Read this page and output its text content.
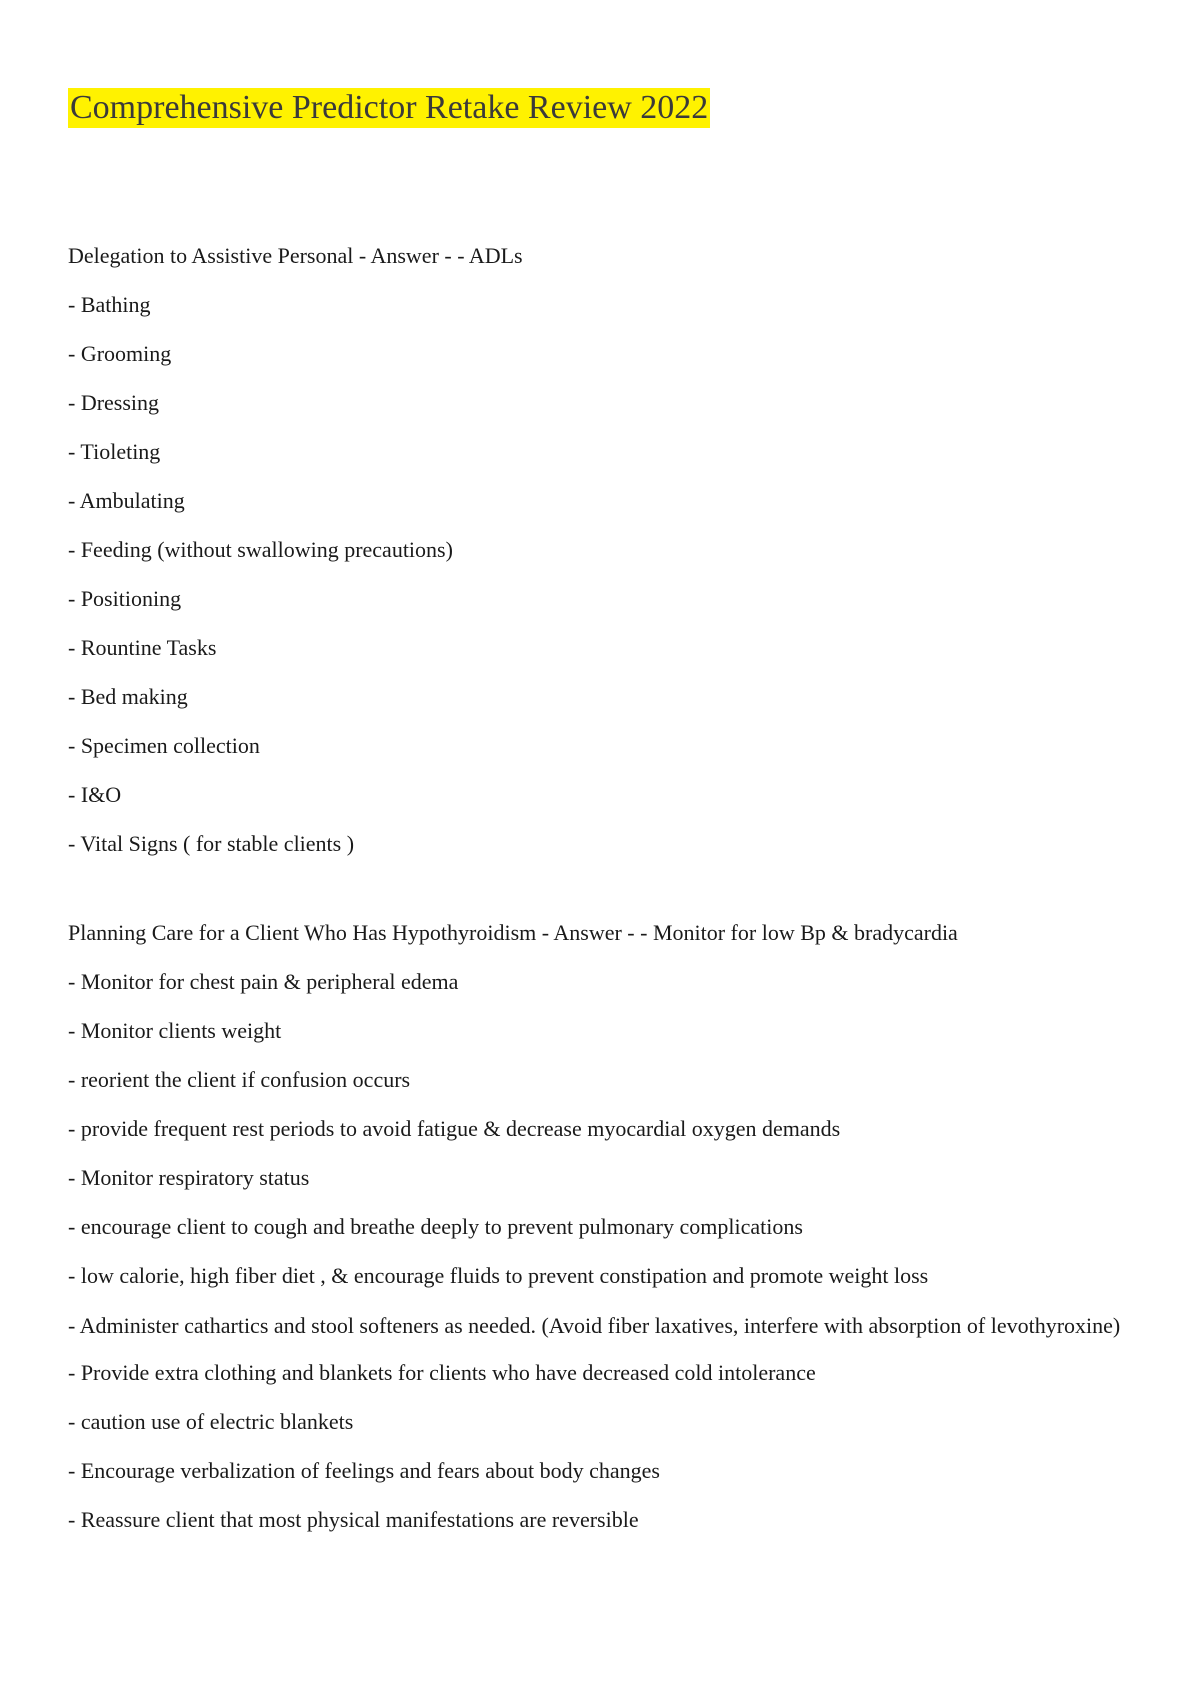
Comprehensive Predictor Retake Review 2022

Delegation to Assistive Personal - Answer - - ADLs

- Bathing

- Grooming

- Dressing

- Tioleting

- Ambulating

- Feeding (without swallowing precautions)

- Positioning

- Rountine Tasks

- Bed making

- Specimen collection

- I&O

- Vital Signs ( for stable clients )

Planning Care for a Client Who Has Hypothyroidism - Answer - - Monitor for low Bp & bradycardia

- Monitor for chest pain & peripheral edema

- Monitor clients weight

- reorient the client if confusion occurs

- provide frequent rest periods to avoid fatigue & decrease myocardial oxygen demands

- Monitor respiratory status

- encourage client to cough and breathe deeply to prevent pulmonary complications

- low calorie, high fiber diet , & encourage fluids to prevent constipation and promote weight loss

- Administer cathartics and stool softeners as needed. (Avoid fiber laxatives, interfere with absorption of levothyroxine)

- Provide extra clothing and blankets for clients who have decreased cold intolerance

- caution use of electric blankets

- Encourage verbalization of feelings and fears about body changes

- Reassure client that most physical manifestations are reversible
